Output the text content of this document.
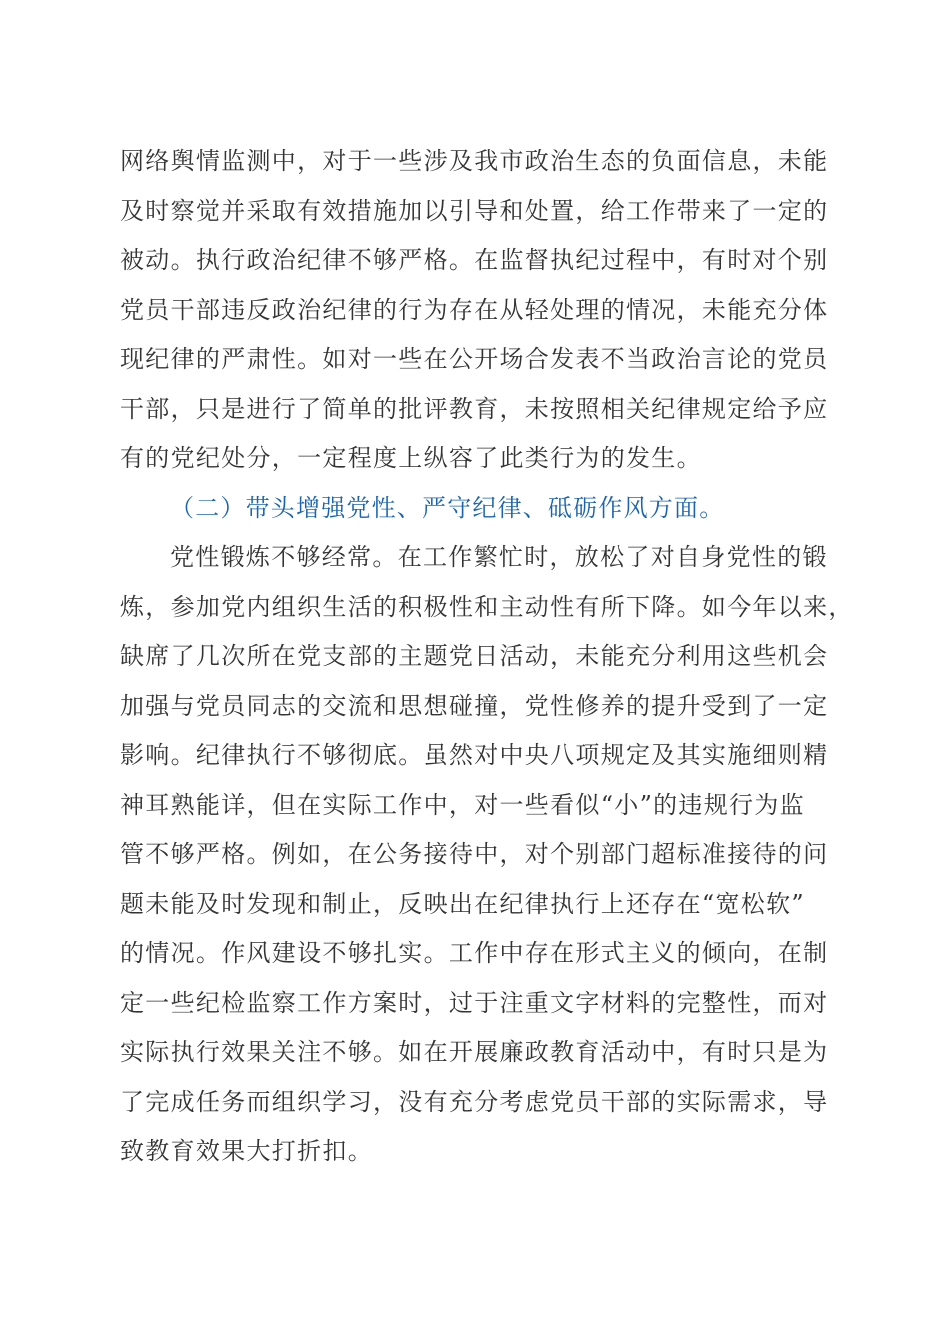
网络舆情监测中，对于一些涉及我市政治生态的负面信息，未能
及时察觉并采取有效措施加以引导和处置，给工作带来了一定的
被动。执行政治纪律不够严格。在监督执纪过程中，有时对个别
党员干部违反政治纪律的行为存在从轻处理的情况，未能充分体
现纪律的严肃性。如对一些在公开场合发表不当政治言论的党员
干部，只是进行了简单的批评教育，未按照相关纪律规定给予应
有的党纪处分，一定程度上纵容了此类行为的发生。
（二）带头增强党性、严守纪律、砥砺作风方面。
党性锻炼不够经常。在工作繁忙时，放松了对自身党性的锻
炼，参加党内组织生活的积极性和主动性有所下降。如今年以来，
缺席了几次所在党支部的主题党日活动，未能充分利用这些机会
加强与党员同志的交流和思想碰撞，党性修养的提升受到了一定
影响。纪律执行不够彻底。虽然对中央八项规定及其实施细则精
神耳熟能详，但在实际工作中，对一些看似“小”的违规行为监
管不够严格。例如，在公务接待中，对个别部门超标准接待的问
题未能及时发现和制止，反映出在纪律执行上还存在“宽松软”
的情况。作风建设不够扎实。工作中存在形式主义的倾向，在制
定一些纪检监察工作方案时，过于注重文字材料的完整性，而对
实际执行效果关注不够。如在开展廉政教育活动中，有时只是为
了完成任务而组织学习，没有充分考虑党员干部的实际需求，导
致教育效果大打折扣。
